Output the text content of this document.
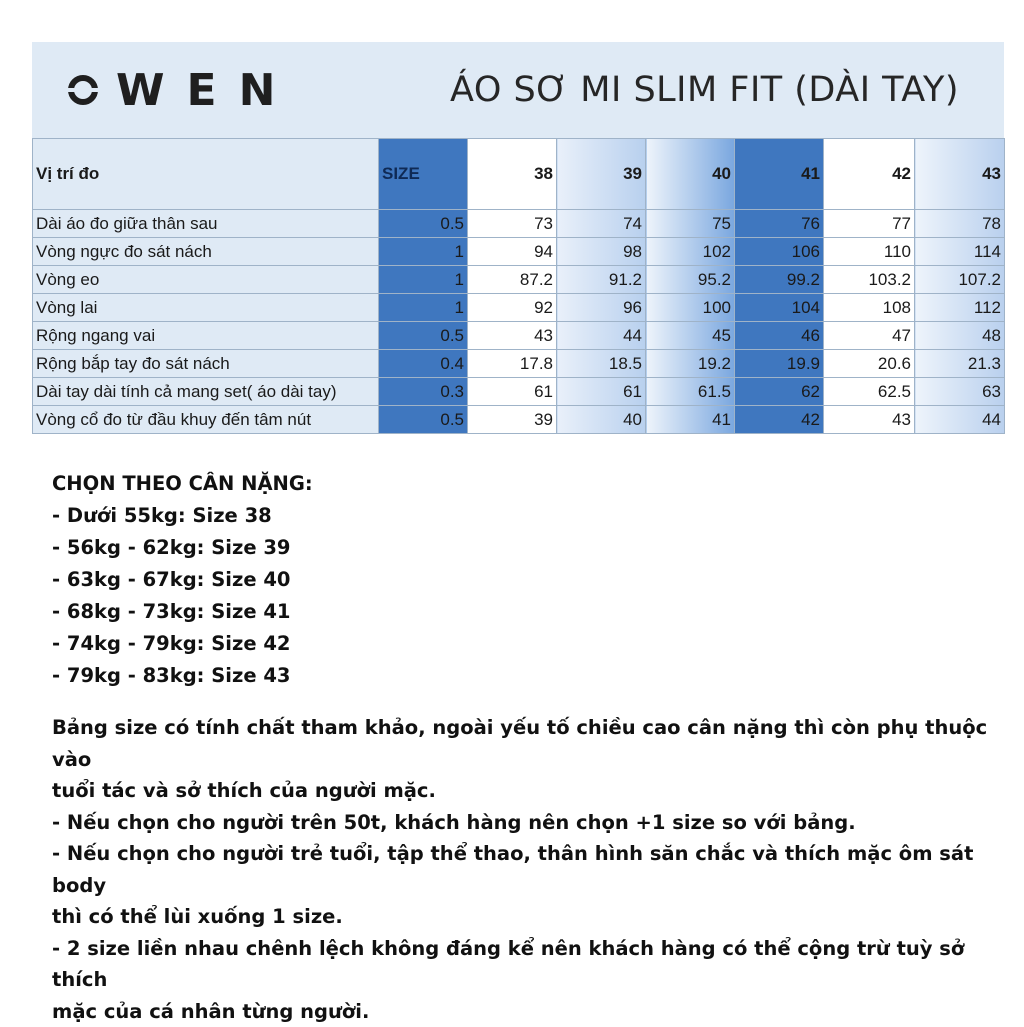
WEN	ÁO SƠ MI SLIM FIT (DÀI TAY)
Vị trí đo	SIZE	38	39	40	41	42	43
Dài áo đo giữa thân sau	0.5	73	74	75	76	77	78
Vòng ngực đo sát nách	1	94	98	102	106	110	114
Vòng eo	1	87.2	91.2	95.2	99.2	103.2	107.2
Vòng lai	1	92	96	100	104	108	112
Rộng ngang vai	0.5	43	44	45	46	47	48
Rộng bắp tay đo sát nách	0.4	17.8	18.5	19.2	19.9	20.6	21.3
Dài tay dài tính cả mang set( áo dài tay)	0.3	61	61	61.5	62	62.5	63
Vòng cổ đo từ đầu khuy đến tâm nút	0.5	39	40	41	42	43	44

CHỌN THEO CÂN NẶNG:

- Dưới 55kg: Size 38

- 56kg - 62kg: Size 39

- 63kg - 67kg: Size 40

- 68kg - 73kg: Size 41

- 74kg - 79kg: Size 42

- 79kg - 83kg: Size 43

Bảng size có tính chất tham khảo, ngoài yếu tố chiều cao cân nặng thì còn phụ thuộc vào

tuổi tác và sở thích của người mặc.

- Nếu chọn cho người trên 50t, khách hàng nên chọn +1 size so với bảng.

- Nếu chọn cho người trẻ tuổi, tập thể thao, thân hình săn chắc và thích mặc ôm sát body

thì có thể lùi xuống 1 size.

- 2 size liền nhau chênh lệch không đáng kể nên khách hàng có thể cộng trừ tuỳ sở thích

mặc của cá nhân từng người.
